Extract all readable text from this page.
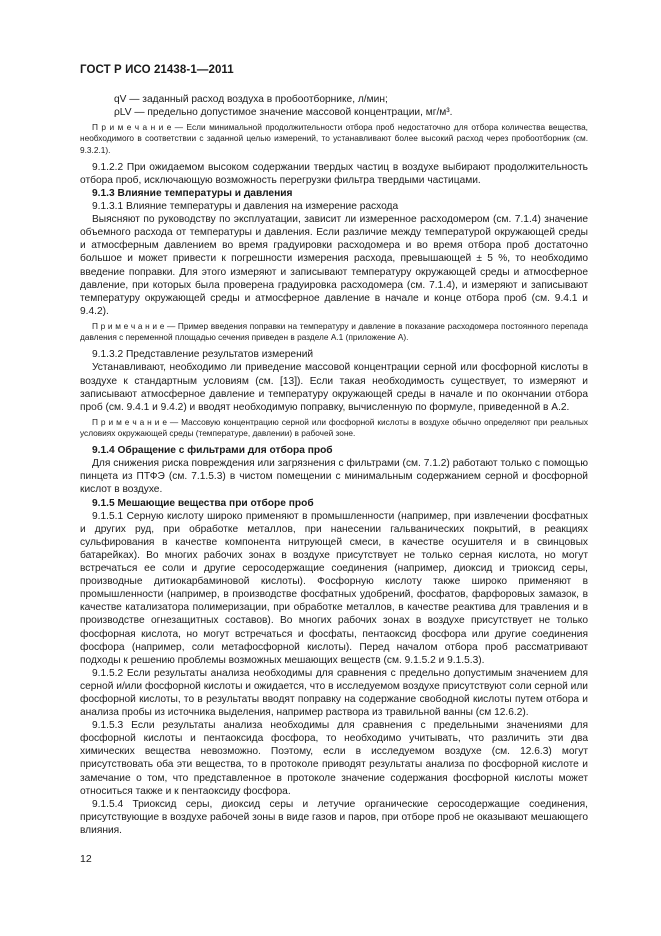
ГОСТ Р ИСО 21438-1—2011

qV — заданный расход воздуха в пробоотборнике, л/мин;

ρLV — предельно допустимое значение массовой концентрации, мг/м³.

П р и м е ч а н и е — Если минимальной продолжительности отбора проб недостаточно для отбора количества вещества, необходимого в соответствии с заданной целью измерений, то устанавливают более высокий расход через пробоотборник (см. 9.3.2.1).

9.1.2.2 При ожидаемом высоком содержании твердых частиц в воздухе выбирают продолжительность отбора проб, исключающую возможность перегрузки фильтра твердыми частицами.

9.1.3 Влияние температуры и давления

9.1.3.1 Влияние температуры и давления на измерение расхода

Выясняют по руководству по эксплуатации, зависит ли измеренное расходомером (см. 7.1.4) значение объемного расхода от температуры и давления. Если различие между температурой окружающей среды и атмосферным давлением во время градуировки расходомера и во время отбора проб достаточно большое и может привести к погрешности измерения расхода, превышающей ± 5 %, то необходимо введение поправки. Для этого измеряют и записывают температуру окружающей среды и атмосферное давление, при которых была проверена градуировка расходомера (см. 7.1.4), и измеряют и записывают температуру окружающей среды и атмосферное давление в начале и конце отбора проб (см. 9.4.1 и 9.4.2).

П р и м е ч а н и е — Пример введения поправки на температуру и давление в показание расходомера постоянного перепада давления с переменной площадью сечения приведен в разделе А.1 (приложение А).

9.1.3.2 Представление результатов измерений

Устанавливают, необходимо ли приведение массовой концентрации серной или фосфорной кислоты в воздухе к стандартным условиям (см. [13]). Если такая необходимость существует, то измеряют и записывают атмосферное давление и температуру окружающей среды в начале и по окончании отбора проб (см. 9.4.1 и 9.4.2) и вводят необходимую поправку, вычисленную по формуле, приведенной в А.2.

П р и м е ч а н и е — Массовую концентрацию серной или фосфорной кислоты в воздухе обычно определяют при реальных условиях окружающей среды (температуре, давлении) в рабочей зоне.

9.1.4 Обращение с фильтрами для отбора проб

Для снижения риска повреждения или загрязнения с фильтрами (см. 7.1.2) работают только с помощью пинцета из ПТФЭ (см. 7.1.5.3) в чистом помещении с минимальным содержанием серной и фосфорной кислот в воздухе.

9.1.5 Мешающие вещества при отборе проб

9.1.5.1 Серную кислоту широко применяют в промышленности (например, при извлечении фосфатных и других руд, при обработке металлов, при нанесении гальванических покрытий, в реакциях сульфирования в качестве компонента нитрующей смеси, в качестве осушителя и в свинцовых батарейках). Во многих рабочих зонах в воздухе присутствует не только серная кислота, но могут встречаться ее соли и другие серосодержащие соединения (например, диоксид и триоксид серы, производные дитиокарбаминовой кислоты). Фосфорную кислоту также широко применяют в промышленности (например, в производстве фосфатных удобрений, фосфатов, фарфоровых замазок, в качестве катализатора полимеризации, при обработке металлов, в качестве реактива для травления и в производстве огнезащитных составов). Во многих рабочих зонах в воздухе присутствует не только фосфорная кислота, но могут встречаться и фосфаты, пентаоксид фосфора или другие соединения фосфора (например, соли метафосфорной кислоты). Перед началом отбора проб рассматривают подходы к решению проблемы возможных мешающих веществ (см. 9.1.5.2 и 9.1.5.3).

9.1.5.2 Если результаты анализа необходимы для сравнения с предельно допустимым значением для серной и/или фосфорной кислоты и ожидается, что в исследуемом воздухе присутствуют соли серной или фосфорной кислоты, то в результаты вводят поправку на содержание свободной кислоты путем отбора и анализа пробы из источника выделения, например раствора из травильной ванны (см 12.6.2).

9.1.5.3 Если результаты анализа необходимы для сравнения с предельными значениями для фосфорной кислоты и пентаоксида фосфора, то необходимо учитывать, что различить эти два химических вещества невозможно. Поэтому, если в исследуемом воздухе (см. 12.6.3) могут присутствовать оба эти вещества, то в протоколе приводят результаты анализа по фосфорной кислоте и замечание о том, что представленное в протоколе значение содержания фосфорной кислоты может относиться также и к пентаоксиду фосфора.

9.1.5.4 Триоксид серы, диоксид серы и летучие органические серосодержащие соединения, присутствующие в воздухе рабочей зоны в виде газов и паров, при отборе проб не оказывают мешающего влияния.

12
